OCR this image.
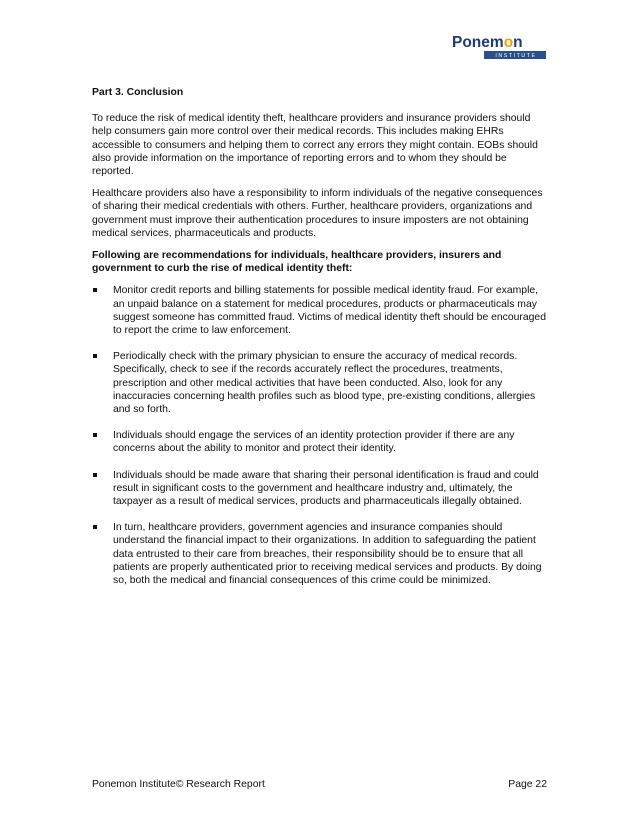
Ponemon
INSTITUTE
Part 3. Conclusion

To reduce the risk of medical identity theft, healthcare providers and insurance providers should help consumers gain more control over their medical records. This includes making EHRs accessible to consumers and helping them to correct any errors they might contain. EOBs should also provide information on the importance of reporting errors and to whom they should be reported.

Healthcare providers also have a responsibility to inform individuals of the negative consequences of sharing their medical credentials with others. Further, healthcare providers, organizations and government must improve their authentication procedures to insure imposters are not obtaining medical services, pharmaceuticals and products.

Following are recommendations for individuals, healthcare providers, insurers and government to curb the rise of medical identity theft:

Monitor credit reports and billing statements for possible medical identity fraud. For example, an unpaid balance on a statement for medical procedures, products or pharmaceuticals may suggest someone has committed fraud. Victims of medical identity theft should be encouraged to report the crime to law enforcement.
Periodically check with the primary physician to ensure the accuracy of medical records. Specifically, check to see if the records accurately reflect the procedures, treatments, prescription and other medical activities that have been conducted. Also, look for any inaccuracies concerning health profiles such as blood type, pre-existing conditions, allergies and so forth.
Individuals should engage the services of an identity protection provider if there are any concerns about the ability to monitor and protect their identity.
Individuals should be made aware that sharing their personal identification is fraud and could result in significant costs to the government and healthcare industry and, ultimately, the taxpayer as a result of medical services, products and pharmaceuticals illegally obtained.
In turn, healthcare providers, government agencies and insurance companies should understand the financial impact to their organizations. In addition to safeguarding the patient data entrusted to their care from breaches, their responsibility should be to ensure that all patients are properly authenticated prior to receiving medical services and products. By doing so, both the medical and financial consequences of this crime could be minimized.
Ponemon Institute© Research Report	Page 22
